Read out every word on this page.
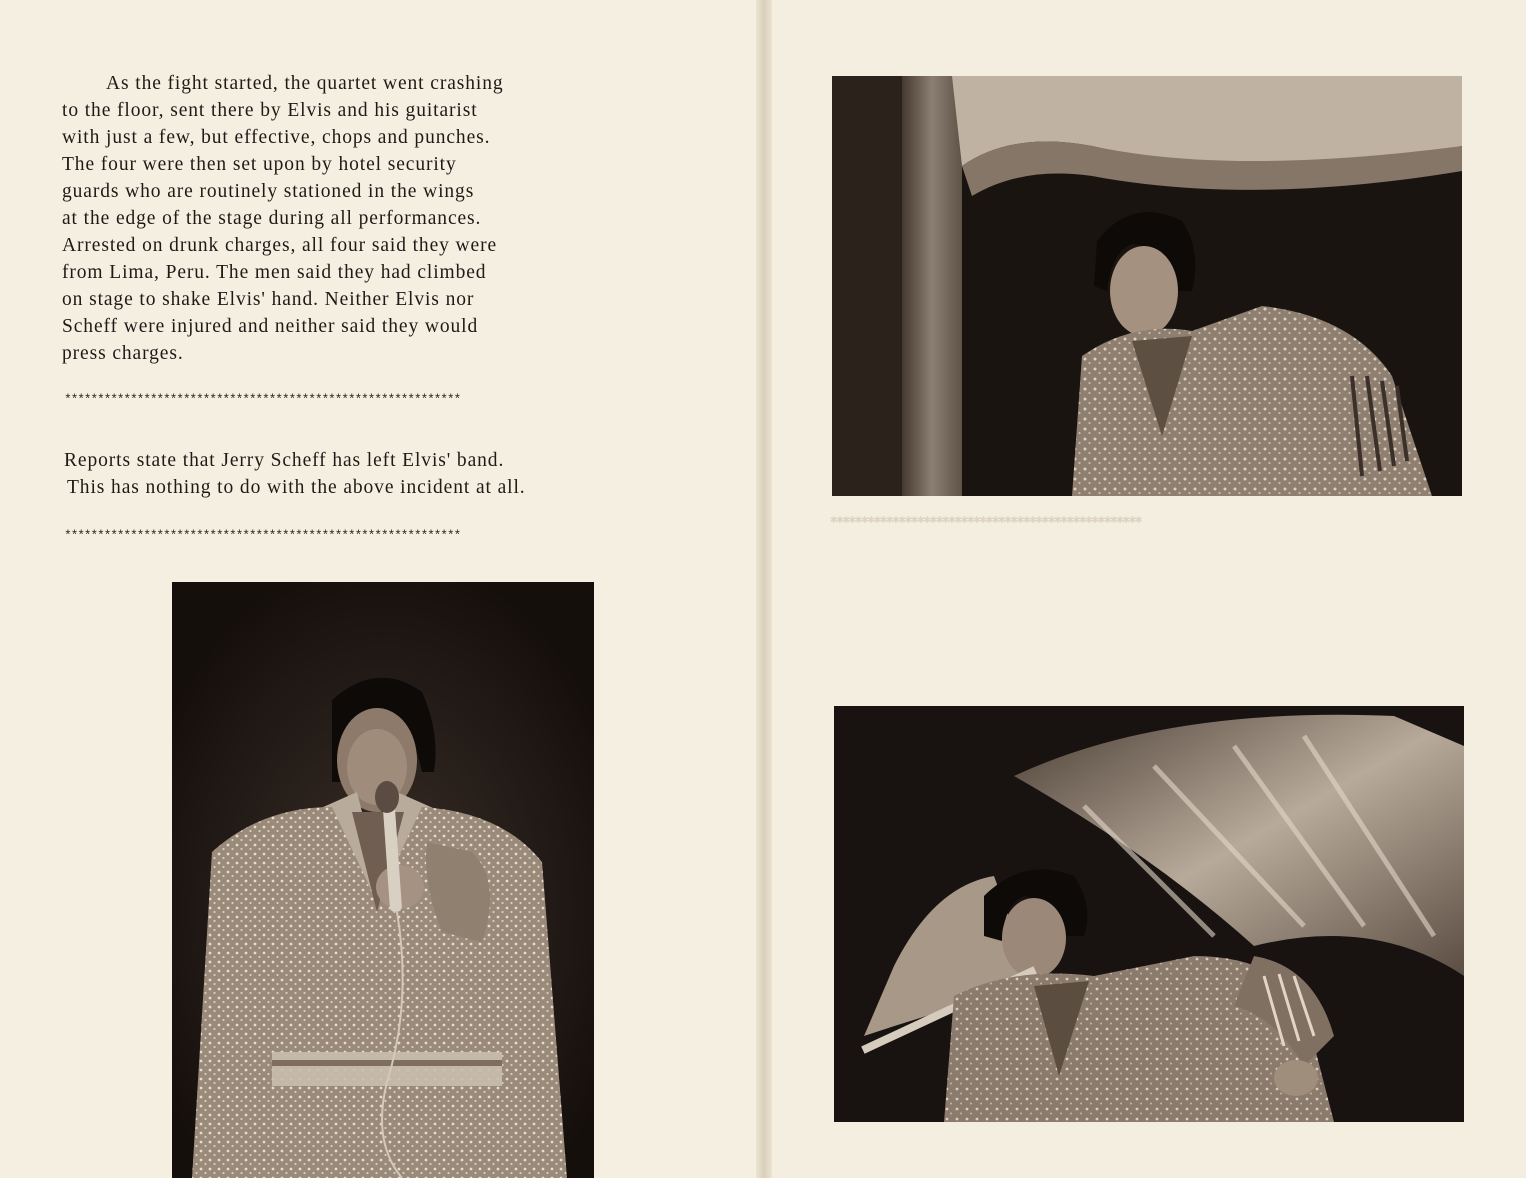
As the fight started, the quartet went crashing
to the floor, sent there by Elvis and his guitarist
with just a few, but effective, chops and punches.
The four were then set upon by hotel security
guards who are routinely stationed in the wings
at the edge of the stage during all performances.
Arrested on drunk charges, all four said they were
from Lima, Peru. The men said they had climbed
on stage to shake Elvis' hand. Neither Elvis nor
Scheff were injured and neither said they would
press charges.
************************************************************
Reports state that Jerry Scheff has left Elvis' band.
This has nothing to do with the above incident at all.
************************************************************
✱✱✱✱✱✱✱✱✱✱✱✱✱✱✱✱✱✱✱✱✱✱✱✱✱✱✱✱✱✱✱✱✱✱✱✱✱✱✱✱✱✱✱✱✱✱✱✱✱✱
